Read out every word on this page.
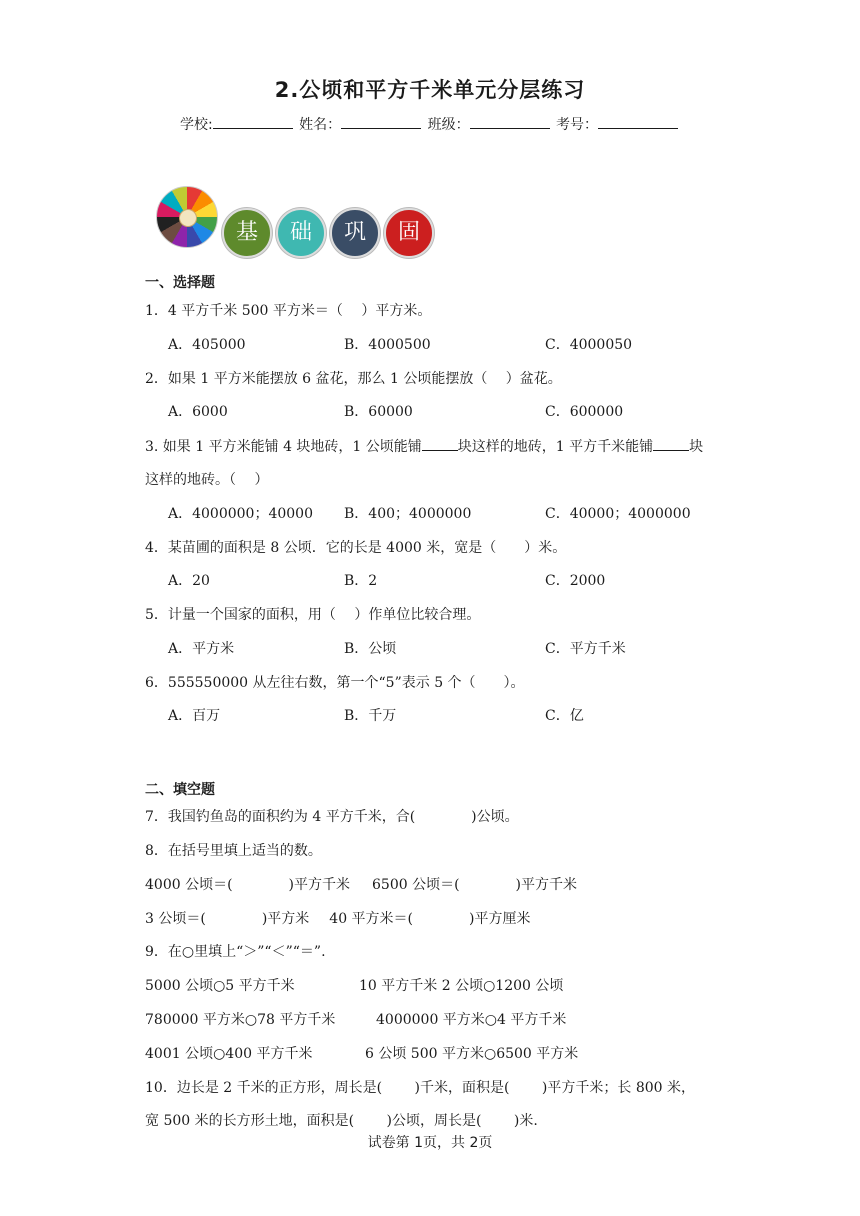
2.公顷和平方千米单元分层练习
学校:	姓名：	班级：	考号：
基	础	巩	固
一、选择题
1．4 平方千米 500 平方米＝（　 ）平方米。
A．405000	B．4000500	C．4000050
2．如果 1 平方米能摆放 6 盆花，那么 1 公顷能摆放（　 ）盆花。
A．6000	B．60000	C．600000
3. 如果 1 平方米能铺 4 块地砖，1 公顷能铺	块这样的地砖，1 平方千米能铺	块
这样的地砖。（　 ）
A．4000000；40000 B．400；4000000	C．40000；4000000
4．某苗圃的面积是 8 公顷．它的长是 4000 米，宽是（　　）米。
A．20	B．2	C．2000
5．计量一个国家的面积，用（　 ）作单位比较合理。
A．平方米	B．公顷	C．平方千米
6．555550000 从左往右数，第一个“5”表示 5 个（　　）。
A．百万	B．千万	C．亿
二、填空题
7．我国钓鱼岛的面积约为 4 平方千米，合(　　　　)公顷。
8．在括号里填上适当的数。
4000 公顷＝(　　　　)平方千米 6500 公顷＝(　　　　)平方千米
3 公顷＝(　　　　)平方米 40 平方米＝(　　　　)平方厘米
9．在○里填上“＞”“＜”“＝”.
5000 公顷○5 平方千米	10 平方千米 2 公顷○1200 公顷
780000 平方米○78 平方千米	4000000 平方米○4 平方千米
4001 公顷○400 平方千米	6 公顷 500 平方米○6500 平方米
10．边长是 2 千米的正方形，周长是(　　 )千米，面积是(　　 )平方千米；长 800 米，
宽 500 米的长方形土地，面积是(　　 )公顷，周长是(　　 )米.
试卷第 1页，共 2页
